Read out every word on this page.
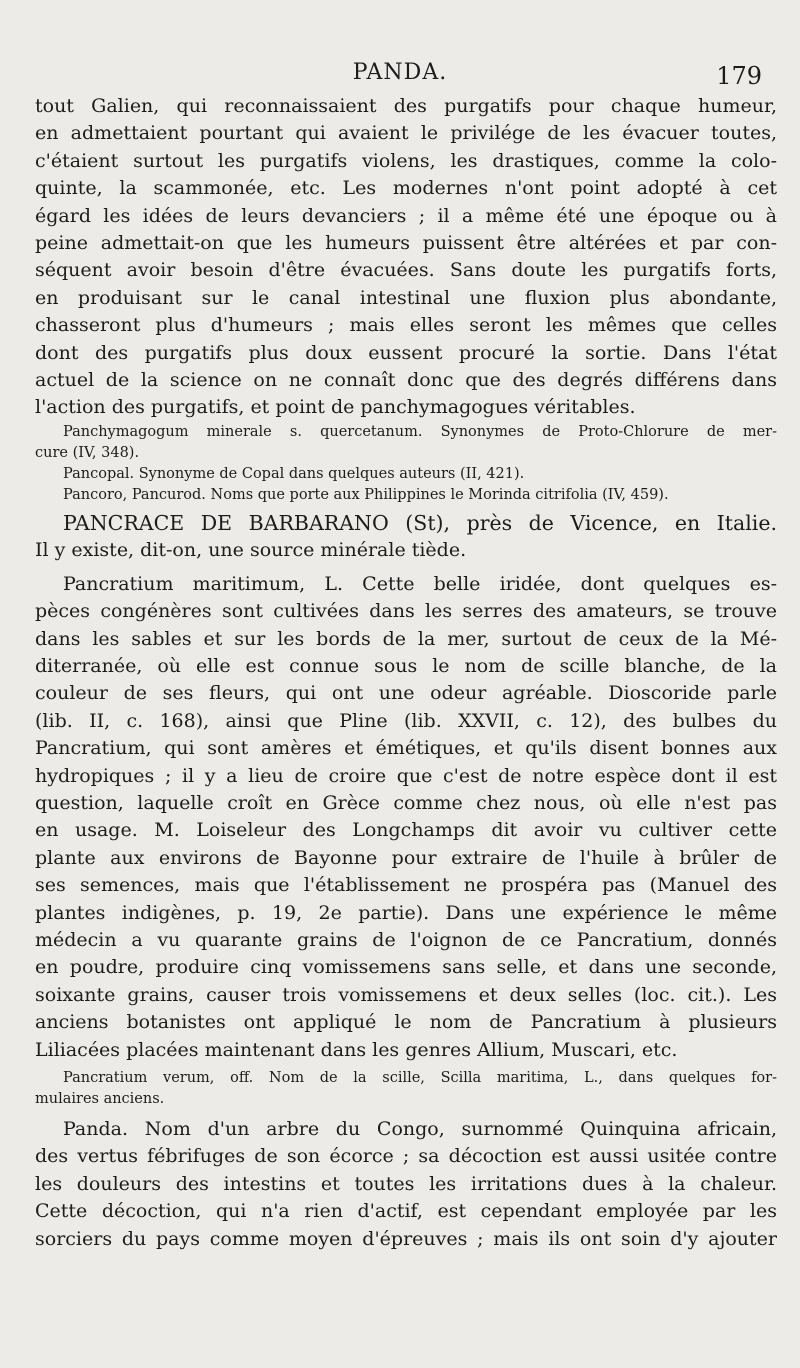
PANDA.	179
tout Galien, qui reconnaissaient des purgatifs pour chaque humeur,
en admettaient pourtant qui avaient le privilége de les évacuer toutes,
c'étaient surtout les purgatifs violens, les drastiques, comme la colo-
quinte, la scammonée, etc. Les modernes n'ont point adopté à cet
égard les idées de leurs devanciers ; il a même été une époque ou à
peine admettait-on que les humeurs puissent être altérées et par con-
séquent avoir besoin d'être évacuées. Sans doute les purgatifs forts,
en produisant sur le canal intestinal une fluxion plus abondante,
chasseront plus d'humeurs ; mais elles seront les mêmes que celles
dont des purgatifs plus doux eussent procuré la sortie. Dans l'état
actuel de la science on ne connaît donc que des degrés différens dans
l'action des purgatifs, et point de panchymagogues véritables.
Panchymagogum minerale s. quercetanum. Synonymes de Proto-Chlorure de mer-
cure (IV, 348).
Pancopal. Synonyme de Copal dans quelques auteurs (II, 421).
Pancoro, Pancurod. Noms que porte aux Philippines le Morinda citrifolia (IV, 459).
PANCRACE DE BARBARANO (St), près de Vicence, en Italie.
Il y existe, dit-on, une source minérale tiède.
Pancratium maritimum, L. Cette belle iridée, dont quelques es-
pèces congénères sont cultivées dans les serres des amateurs, se trouve
dans les sables et sur les bords de la mer, surtout de ceux de la Mé-
diterranée, où elle est connue sous le nom de scille blanche, de la
couleur de ses fleurs, qui ont une odeur agréable. Dioscoride parle
(lib. II, c. 168), ainsi que Pline (lib. XXVII, c. 12), des bulbes du
Pancratium, qui sont amères et émétiques, et qu'ils disent bonnes aux
hydropiques ; il y a lieu de croire que c'est de notre espèce dont il est
question, laquelle croît en Grèce comme chez nous, où elle n'est pas
en usage. M. Loiseleur des Longchamps dit avoir vu cultiver cette
plante aux environs de Bayonne pour extraire de l'huile à brûler de
ses semences, mais que l'établissement ne prospéra pas (Manuel des
plantes indigènes, p. 19, 2e partie). Dans une expérience le même
médecin a vu quarante grains de l'oignon de ce Pancratium, donnés
en poudre, produire cinq vomissemens sans selle, et dans une seconde,
soixante grains, causer trois vomissemens et deux selles (loc. cit.). Les
anciens botanistes ont appliqué le nom de Pancratium à plusieurs
Liliacées placées maintenant dans les genres Allium, Muscari, etc.
Pancratium verum, off. Nom de la scille, Scilla maritima, L., dans quelques for-
mulaires anciens.
Panda. Nom d'un arbre du Congo, surnommé Quinquina africain,
des vertus fébrifuges de son écorce ; sa décoction est aussi usitée contre
les douleurs des intestins et toutes les irritations dues à la chaleur.
Cette décoction, qui n'a rien d'actif, est cependant employée par les
sorciers du pays comme moyen d'épreuves ; mais ils ont soin d'y ajouter
